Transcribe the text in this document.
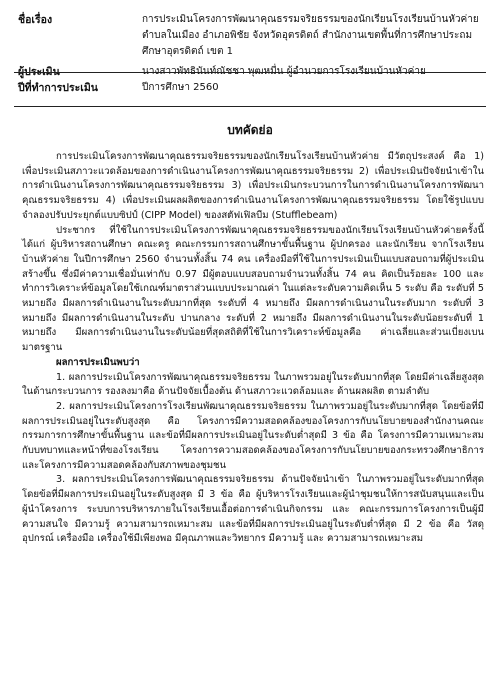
ชื่อเรื่อง	การประเมินโครงการพัฒนาคุณธรรมจริยธรรมของนักเรียนโรงเรียนบ้านหัวค่าย ตำบลในเมือง อำเภอพิชัย จังหวัดอุตรดิตถ์ สำนักงานเขตพื้นที่การศึกษาประถมศึกษาอุตรดิตถ์ เขต 1
ผู้ประเมิน	นางสาวพัทธินันท์ณัชชา พุฒหมื่น ผู้อำนวยการโรงเรียนบ้านหัวค่าย
ปีที่ทำการประเมิน	ปีการศึกษา 2560
บทคัดย่อ

การประเมินโครงการพัฒนาคุณธรรมจริยธรรมของนักเรียนโรงเรียนบ้านหัวค่าย มีวัตถุประสงค์ คือ 1) เพื่อประเมินสภาวะแวดล้อมของการดำเนินงานโครงการพัฒนาคุณธรรมจริยธรรม 2) เพื่อประเมินปัจจัยนำเข้าในการดำเนินงานโครงการพัฒนาคุณธรรมจริยธรรม 3) เพื่อประเมินกระบวนการในการดำเนินงานโครงการพัฒนาคุณธรรมจริยธรรม 4) เพื่อประเมินผลผลิตของการดำเนินงานโครงการพัฒนาคุณธรรมจริยธรรม โดยใช้รูปแบบจำลองปรับประยุกต์แบบซิปป์ (CIPP Model) ของสตัฟเฟิลบีม (Stufflebeam)

ประชากร ที่ใช้ในการประเมินโครงการพัฒนาคุณธรรมจริยธรรมของนักเรียนโรงเรียนบ้านหัวค่ายครั้งนี้ ได้แก่ ผู้บริหารสถานศึกษา คณะครู คณะกรรมการสถานศึกษาขั้นพื้นฐาน ผู้ปกครอง และนักเรียน จากโรงเรียนบ้านหัวค่าย ในปีการศึกษา 2560 จำนวนทั้งสิ้น 74 คน เครื่องมือที่ใช้ในการประเมินเป็นแบบสอบถามที่ผู้ประเมินสร้างขึ้น ซึ่งมีค่าความเชื่อมั่นเท่ากับ 0.97 มีผู้ตอบแบบสอบถามจำนวนทั้งสิ้น 74 คน คิดเป็นร้อยละ 100 และทำการวิเคราะห์ข้อมูลโดยใช้เกณฑ์มาตราส่วนแบบประมาณค่า ในแต่ละระดับความคิดเห็น 5 ระดับ คือ ระดับที่ 5 หมายถึง มีผลการดำเนินงานในระดับมากที่สุด ระดับที่ 4 หมายถึง มีผลการดำเนินงานในระดับมาก ระดับที่ 3 หมายถึง มีผลการดำเนินงานในระดับ ปานกลาง ระดับที่ 2 หมายถึง มีผลการดำเนินงานในระดับน้อยระดับที่ 1 หมายถึง มีผลการดำเนินงานในระดับน้อยที่สุดสถิติที่ใช้ในการวิเคราะห์ข้อมูลคือ ค่าเฉลี่ยและส่วนเบี่ยงเบนมาตรฐาน

ผลการประเมินพบว่า

1. ผลการประเมินโครงการพัฒนาคุณธรรมจริยธรรม ในภาพรวมอยู่ในระดับมากที่สุด โดยมีค่าเฉลี่ยสูงสุดในด้านกระบวนการ รองลงมาคือ ด้านปัจจัยเบื้องต้น ด้านสภาวะแวดล้อมและ ด้านผลผลิต ตามลำดับ

2. ผลการประเมินโครงการโรงเรียนพัฒนาคุณธรรมจริยธรรม ในภาพรวมอยู่ในระดับมากที่สุด โดยข้อที่มีผลการประเมินอยู่ในระดับสูงสุด คือ โครงการมีความสอดคล้องของโครงการกับนโยบายของสำนักงานคณะกรรมการการศึกษาขั้นพื้นฐาน และข้อที่มีผลการประเมินอยู่ในระดับต่ำสุดมี 3 ข้อ คือ โครงการมีความเหมาะสมกับบทบาทและหน้าที่ของโรงเรียน โครงการความสอดคล้องของโครงการกับนโยบายของกระทรวงศึกษาธิการ และโครงการมีความสอดคล้องกับสภาพของชุมชน

3. ผลการประเมินโครงการพัฒนาคุณธรรมจริยธรรม ด้านปัจจัยนำเข้า ในภาพรวมอยู่ในระดับมากที่สุด โดยข้อที่มีผลการประเมินอยู่ในระดับสูงสุด มี 3 ข้อ คือ ผู้บริหารโรงเรียนและผู้นำชุมชนให้การสนับสนุนและเป็นผู้นำโครงการ ระบบการบริหารภายในโรงเรียนเอื้อต่อการดำเนินกิจกรรม และ คณะกรรมการโครงการเป็นผู้มีความสนใจ มีความรู้ ความสามารถเหมาะสม และข้อที่มีผลการประเมินอยู่ในระดับต่ำที่สุด มี 2 ข้อ คือ วัสดุอุปกรณ์ เครื่องมือ เครื่องใช้มีเพียงพอ มีคุณภาพและวิทยากร มีความรู้ และ ความสามารถเหมาะสม
